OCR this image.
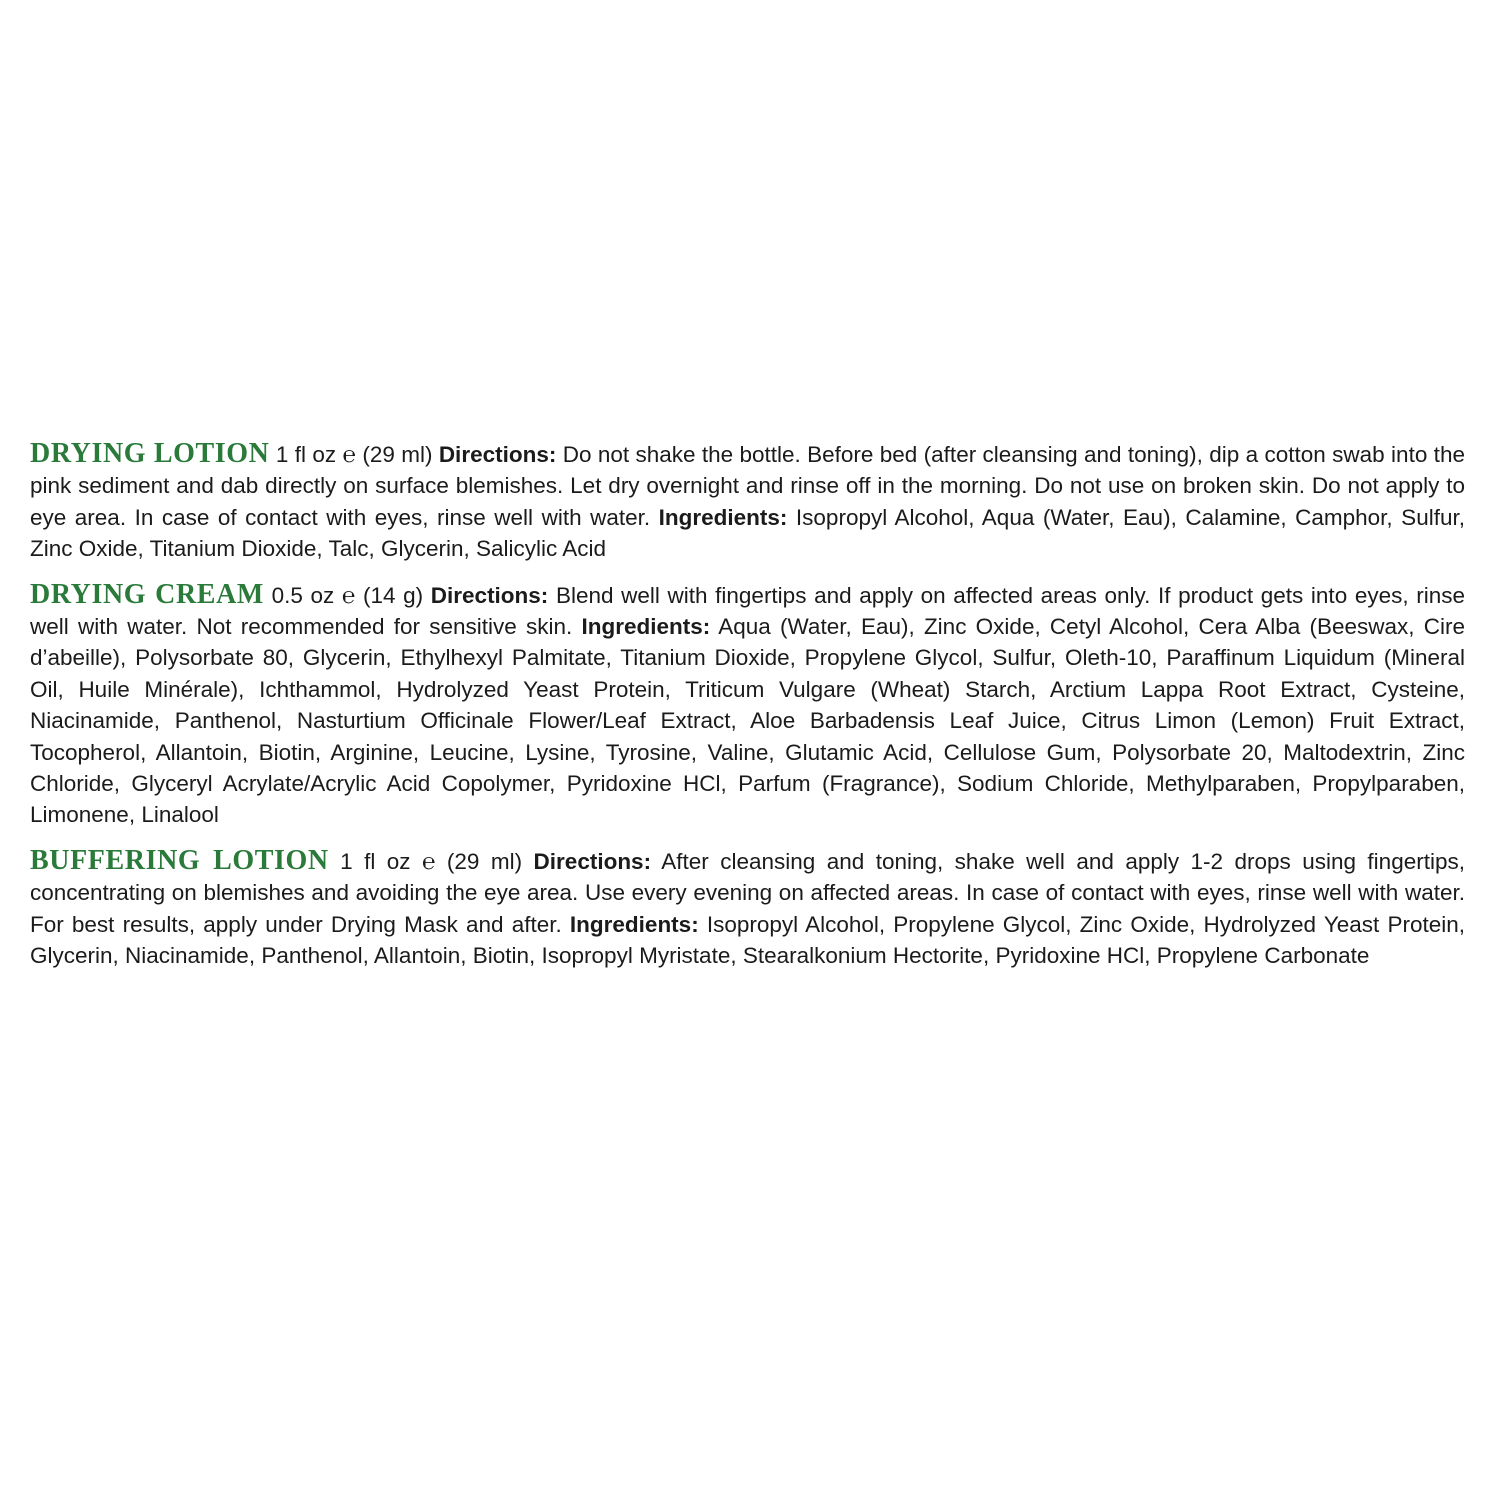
DRYING LOTION 1 fl oz ℮ (29 ml) Directions: Do not shake the bottle. Before bed (after cleansing and toning), dip a cotton swab into the pink sediment and dab directly on surface blemishes. Let dry overnight and rinse off in the morning. Do not use on broken skin. Do not apply to eye area. In case of contact with eyes, rinse well with water. Ingredients: Isopropyl Alcohol, Aqua (Water, Eau), Calamine, Camphor, Sulfur, Zinc Oxide, Titanium Dioxide, Talc, Glycerin, Salicylic Acid

DRYING CREAM 0.5 oz ℮ (14 g) Directions: Blend well with fingertips and apply on affected areas only. If product gets into eyes, rinse well with water. Not recommended for sensitive skin. Ingredients: Aqua (Water, Eau), Zinc Oxide, Cetyl Alcohol, Cera Alba (Beeswax, Cire d’abeille), Polysorbate 80, Glycerin, Ethylhexyl Palmitate, Titanium Dioxide, Propylene Glycol, Sulfur, Oleth-10, Paraffinum Liquidum (Mineral Oil, Huile Minérale), Ichthammol, Hydrolyzed Yeast Protein, Triticum Vulgare (Wheat) Starch, Arctium Lappa Root Extract, Cysteine, Niacinamide, Panthenol, Nasturtium Officinale Flower/Leaf Extract, Aloe Barbadensis Leaf Juice, Citrus Limon (Lemon) Fruit Extract, Tocopherol, Allantoin, Biotin, Arginine, Leucine, Lysine, Tyrosine, Valine, Glutamic Acid, Cellulose Gum, Polysorbate 20, Maltodextrin, Zinc Chloride, Glyceryl Acrylate/Acrylic Acid Copolymer, Pyridoxine HCl, Parfum (Fragrance), Sodium Chloride, Methylparaben, Propylparaben, Limonene, Linalool

BUFFERING LOTION 1 fl oz ℮ (29 ml) Directions: After cleansing and toning, shake well and apply 1-2 drops using fingertips, concentrating on blemishes and avoiding the eye area. Use every evening on affected areas. In case of contact with eyes, rinse well with water. For best results, apply under Drying Mask and after. Ingredients: Isopropyl Alcohol, Propylene Glycol, Zinc Oxide, Hydrolyzed Yeast Protein, Glycerin, Niacinamide, Panthenol, Allantoin, Biotin, Isopropyl Myristate, Stearalkonium Hectorite, Pyridoxine HCl, Propylene Carbonate
